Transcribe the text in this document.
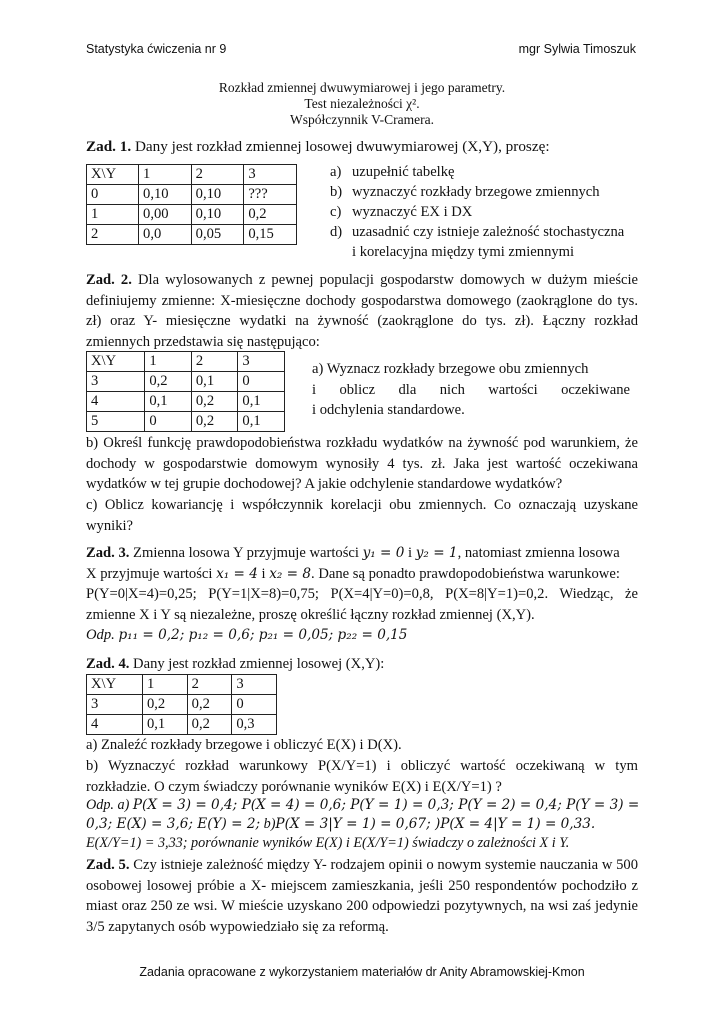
Statystyka ćwiczenia nr 9	mgr Sylwia Timoszuk
Rozkład zmiennej dwuwymiarowej i jego parametry.
Test niezależności χ².
Współczynnik V-Cramera.
Zad. 1. Dany jest rozkład zmiennej losowej dwuwymiarowej (X,Y), proszę:
X\Y	1	2	3
0	0,10	0,10	???
1	0,00	0,10	0,2
2	0,0	0,05	0,15
a) uzupełnić tabelkę
b) wyznaczyć rozkłady brzegowe zmiennych
c) wyznaczyć EX i DX
d) uzasadnić czy istnieje zależność stochastyczna
i korelacyjna między tymi zmiennymi
Zad. 2. Dla wylosowanych z pewnej populacji gospodarstw domowych w dużym mieście definiujemy zmienne: X-miesięczne dochody gospodarstwa domowego (zaokrąglone do tys. zł) oraz Y- miesięczne wydatki na żywność (zaokrąglone do tys. zł). Łączny rozkład zmiennych przedstawia się następująco:
X\Y	1	2	3
3	0,2	0,1	0
4	0,1	0,2	0,1
5	0	0,2	0,1
a) Wyznacz rozkłady brzegowe obu zmiennych
i oblicz dla nich wartości oczekiwane
i odchylenia standardowe.
b) Określ funkcję prawdopodobieństwa rozkładu wydatków na żywność pod warunkiem, że dochody w gospodarstwie domowym wynosiły 4 tys. zł. Jaka jest wartość oczekiwana wydatków w tej grupie dochodowej? A jakie odchylenie standardowe wydatków?
c) Oblicz kowariancję i współczynnik korelacji obu zmiennych. Co oznaczają uzyskane wyniki?
Zad. 3. Zmienna losowa Y przyjmuje wartości y₁ = 0 i y₂ = 1, natomiast zmienna losowa
X przyjmuje wartości x₁ = 4 i x₂ = 8. Dane są ponadto prawdopodobieństwa warunkowe:
P(Y=0|X=4)=0,25; P(Y=1|X=8)=0,75; P(X=4|Y=0)=0,8, P(X=8|Y=1)=0,2. Wiedząc, że zmienne X i Y są niezależne, proszę określić łączny rozkład zmiennej (X,Y).
Odp. p₁₁ = 0,2; p₁₂ = 0,6; p₂₁ = 0,05; p₂₂ = 0,15
Zad. 4. Dany jest rozkład zmiennej losowej (X,Y):
X\Y	1	2	3
3	0,2	0,2	0
4	0,1	0,2	0,3
a) Znaleźć rozkłady brzegowe i obliczyć E(X) i D(X).
b) Wyznaczyć rozkład warunkowy P(X/Y=1) i obliczyć wartość oczekiwaną w tym rozkładzie. O czym świadczy porównanie wyników E(X) i E(X/Y=1) ?
Odp. a) P(X = 3) = 0,4; P(X = 4) = 0,6; P(Y = 1) = 0,3; P(Y = 2) = 0,4; P(Y = 3) =
0,3; E(X) = 3,6; E(Y) = 2; b)P(X = 3|Y = 1) = 0,67; )P(X = 4|Y = 1) = 0,33.
E(X/Y=1) = 3,33; porównanie wyników E(X) i E(X/Y=1) świadczy o zależności X i Y.
Zad. 5. Czy istnieje zależność między Y- rodzajem opinii o nowym systemie nauczania w 500 osobowej losowej próbie a X- miejscem zamieszkania, jeśli 250 respondentów pochodziło z miast oraz 250 ze wsi. W mieście uzyskano 200 odpowiedzi pozytywnych, na wsi zaś jedynie 3/5 zapytanych osób wypowiedziało się za reformą.
Zadania opracowane z wykorzystaniem materiałów dr Anity Abramowskiej-Kmon
